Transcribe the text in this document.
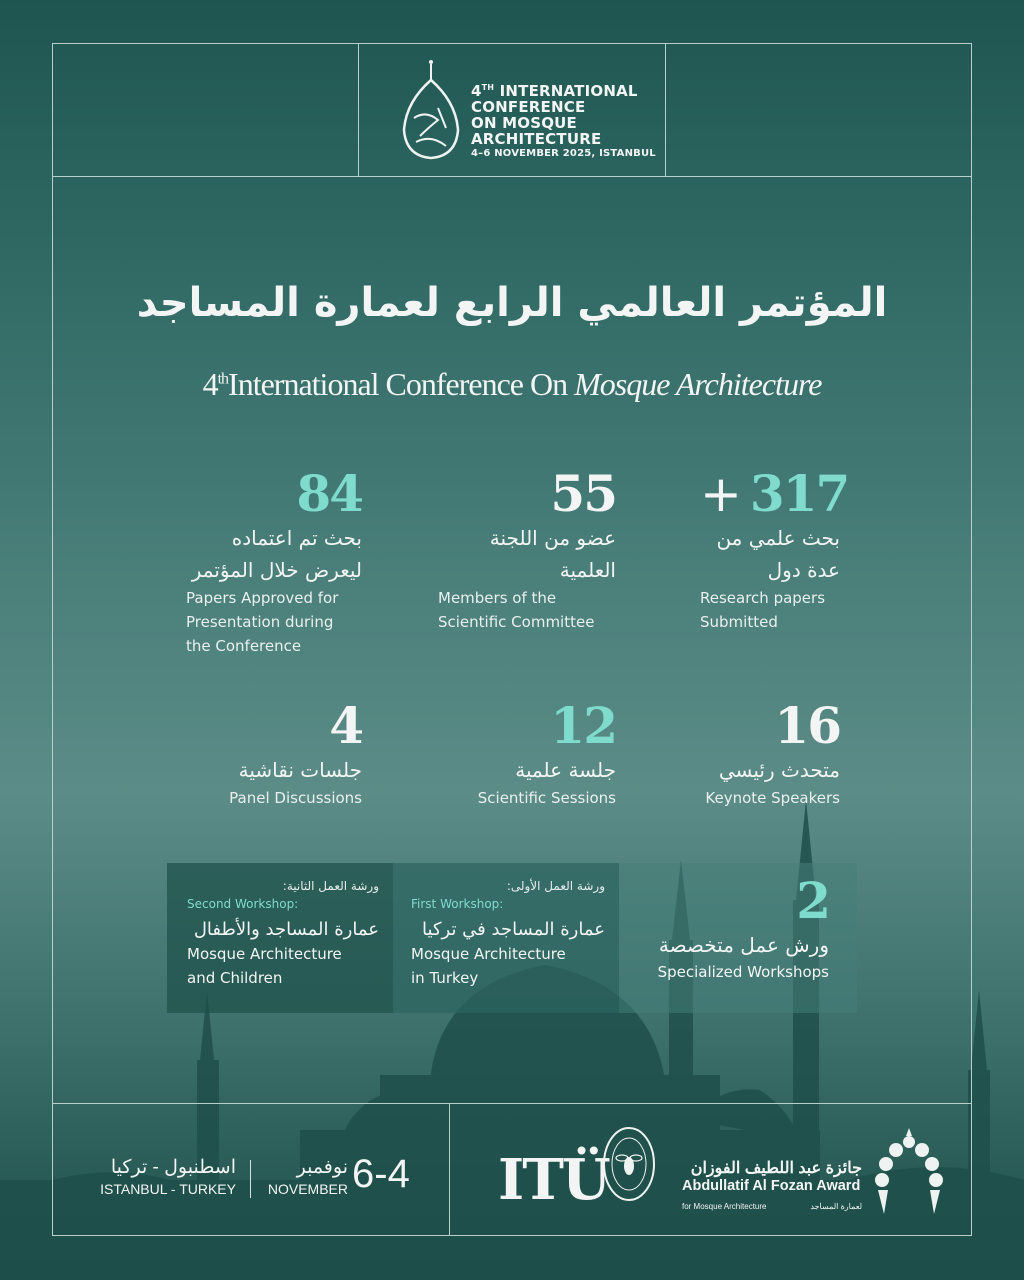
4TH INTERNATIONAL
CONFERENCE
ON MOSQUE
ARCHITECTURE
4–6 NOVEMBER 2025, ISTANBUL
المؤتمر العالمي الرابع لعمارة المساجد
4thInternational Conference On Mosque Architecture
84
بحث تم اعتماده
ليعرض خلال المؤتمر
Papers Approved for
Presentation during
the Conference
55
عضو من اللجنة
العلمية
Members of the
Scientific Committee
+ 317
بحث علمي من
عدة دول
Research papers
Submitted
4
جلسات نقاشية
Panel Discussions
12
جلسة علمية
Scientific Sessions
16
متحدث رئيسي
Keynote Speakers
ورشة العمل الثانية:
Second Workshop:
عمارة المساجد والأطفال
Mosque Architecture
and Children
ورشة العمل الأولى:
First Workshop:
عمارة المساجد في تركيا
Mosque Architecture
in Turkey
2
ورش عمل متخصصة
Specialized Workshops
اسطنبول - تركيا
ISTANBUL - TURKEY
نوفمبر
NOVEMBER 6-4 ITÜ	جائزة عبد اللطيف الفوزان
Abdullatif Al Fozan Award
for Mosque Architecture	لعمارة المساجد
